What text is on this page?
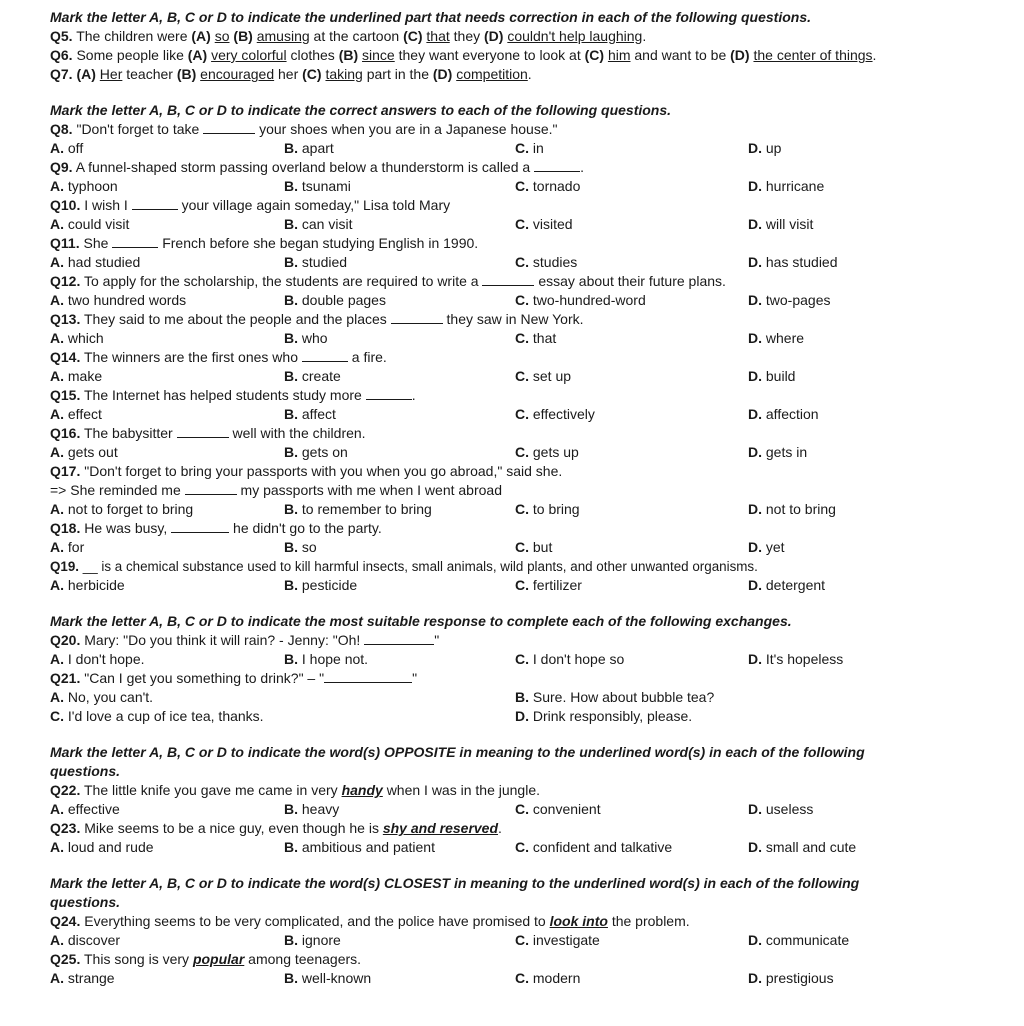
Mark the letter A, B, C or D to indicate the underlined part that needs correction in each of the following questions.
Q5. The children were (A) so (B) amusing at the cartoon (C) that they (D) couldn't help laughing.
Q6. Some people like (A) very colorful clothes (B) since they want everyone to look at (C) him and want to be (D) the center of things.
Q7. (A) Her teacher (B) encouraged her (C) taking part in the (D) competition.
Mark the letter A, B, C or D to indicate the correct answers to each of the following questions.
Q8. "Don't forget to take	your shoes when you are in a Japanese house."
A. off	B. apart	C. in	D. up
Q9. A funnel-shaped storm passing overland below a thunderstorm is called a	.
A. typhoon	B. tsunami	C. tornado	D. hurricane
Q10. I wish I	your village again someday," Lisa told Mary
A. could visit	B. can visit	C. visited	D. will visit
Q11. She	French before she began studying English in 1990.
A. had studied	B. studied	C. studies	D. has studied
Q12. To apply for the scholarship, the students are required to write a	essay about their future plans.
A. two hundred words	B. double pages	C. two-hundred-word	D. two-pages
Q13. They said to me about the people and the places	they saw in New York.
A. which	B. who	C. that	D. where
Q14. The winners are the first ones who	a fire.
A. make	B. create	C. set up	D. build
Q15. The Internet has helped students study more	.
A. effect	B. affect	C. effectively	D. affection
Q16. The babysitter	well with the children.
A. gets out	B. gets on	C. gets up	D. gets in
Q17. "Don't forget to bring your passports with you when you go abroad," said she.
=> She reminded me	my passports with me when I went abroad
A. not to forget to bring	B. to remember to bring	C. to bring	D. not to bring
Q18. He was busy,	he didn't go to the party.
A. for	B. so	C. but	D. yet
Q19. __ is a chemical substance used to kill harmful insects, small animals, wild plants, and other unwanted organisms.
A. herbicide	B. pesticide	C. fertilizer	D. detergent
Mark the letter A, B, C or D to indicate the most suitable response to complete each of the following exchanges.
Q20. Mary: "Do you think it will rain? - Jenny: "Oh!	"
A. I don't hope.	B. I hope not.	C. I don't hope so	D. It's hopeless
Q21. "Can I get you something to drink?" – "	"
A. No, you can't.	B. Sure. How about bubble tea?
C. I'd love a cup of ice tea, thanks.	D. Drink responsibly, please.
Mark the letter A, B, C or D to indicate the word(s) OPPOSITE in meaning to the underlined word(s) in each of the following questions.
Q22. The little knife you gave me came in very handy when I was in the jungle.
A. effective	B. heavy	C. convenient	D. useless
Q23. Mike seems to be a nice guy, even though he is shy and reserved.
A. loud and rude	B. ambitious and patient	C. confident and talkative	D. small and cute
Mark the letter A, B, C or D to indicate the word(s) CLOSEST in meaning to the underlined word(s) in each of the following questions.
Q24. Everything seems to be very complicated, and the police have promised to look into the problem.
A. discover	B. ignore	C. investigate	D. communicate
Q25. This song is very popular among teenagers.
A. strange	B. well-known	C. modern	D. prestigious
